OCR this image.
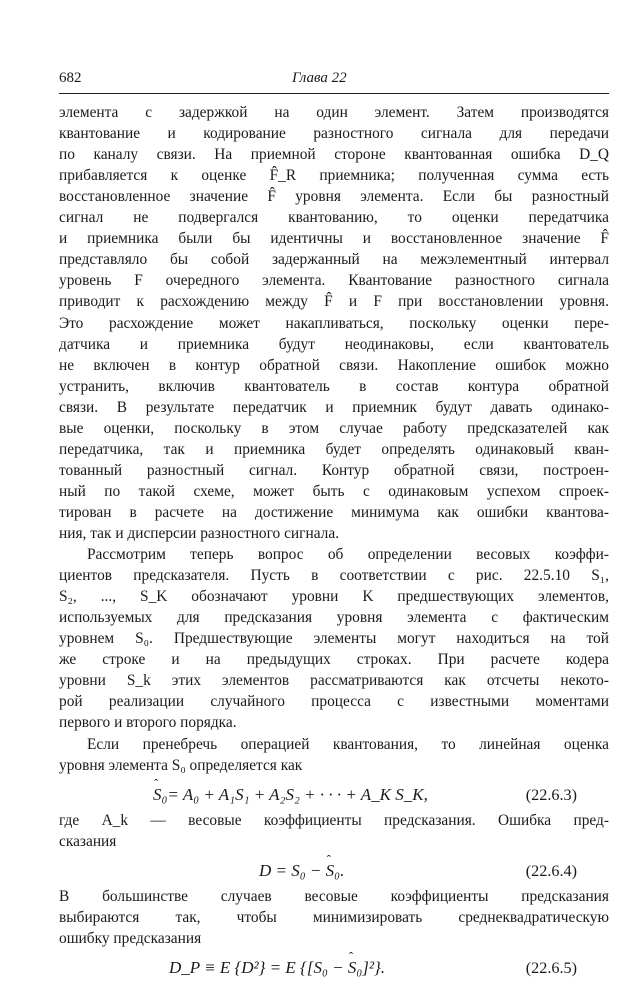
682	Глава 22
элемента с задержкой на один элемент. Затем производятся
квантование и кодирование разностного сигнала для передачи
по каналу связи. На приемной стороне квантованная ошибка D_Q
прибавляется к оценке F̂_R приемника; полученная сумма есть
восстановленное значение F̂ уровня элемента. Если бы разностный
сигнал не подвергался квантованию, то оценки передатчика
и приемника были бы идентичны и восстановленное значение F̂
представляло бы собой задержанный на межэлементный интервал
уровень F очередного элемента. Квантование разностного сигнала
приводит к расхождению между F̂ и F при восстановлении уровня.
Это расхождение может накапливаться, поскольку оценки пере-
датчика и приемника будут неодинаковы, если квантователь
не включен в контур обратной связи. Накопление ошибок можно
устранить, включив квантователь в состав контура обратной
связи. В результате передатчик и приемник будут давать одинако-
вые оценки, поскольку в этом случае работу предсказателей как
передатчика, так и приемника будет определять одинаковый кван-
тованный разностный сигнал. Контур обратной связи, построен-
ный по такой схеме, может быть с одинаковым успехом спроек-
тирован в расчете на достижение минимума как ошибки квантова-
ния, так и дисперсии разностного сигнала.
Рассмотрим теперь вопрос об определении весовых коэффи-
циентов предсказателя. Пусть в соответствии с рис. 22.5.10 S₁,
S₂, ..., S_K обозначают уровни K предшествующих элементов,
используемых для предсказания уровня элемента с фактическим
уровнем S₀. Предшествующие элементы могут находиться на той
же строке и на предыдущих строках. При расчете кодера
уровни S_k этих элементов рассматриваются как отсчеты некото-
рой реализации случайного процесса с известными моментами
первого и второго порядка.
Если пренебречь операцией квантования, то линейная оценка
уровня элемента S₀ определяется как
ˆ S₀= A₀ + A₁S₁ + A₂S₂ + · · · + A_K S_K,	(22.6.3)
где A_k — весовые коэффициенты предсказания. Ошибка пред-
сказания
D = S₀ − ˆ S₀.	(22.6.4)
В большинстве случаев весовые коэффициенты предсказания
выбираются так, чтобы минимизировать среднеквадратическую
ошибку предсказания
D_P ≡ E {D²} = E {[S₀ − ˆ S₀]²}.	(22.6.5)
